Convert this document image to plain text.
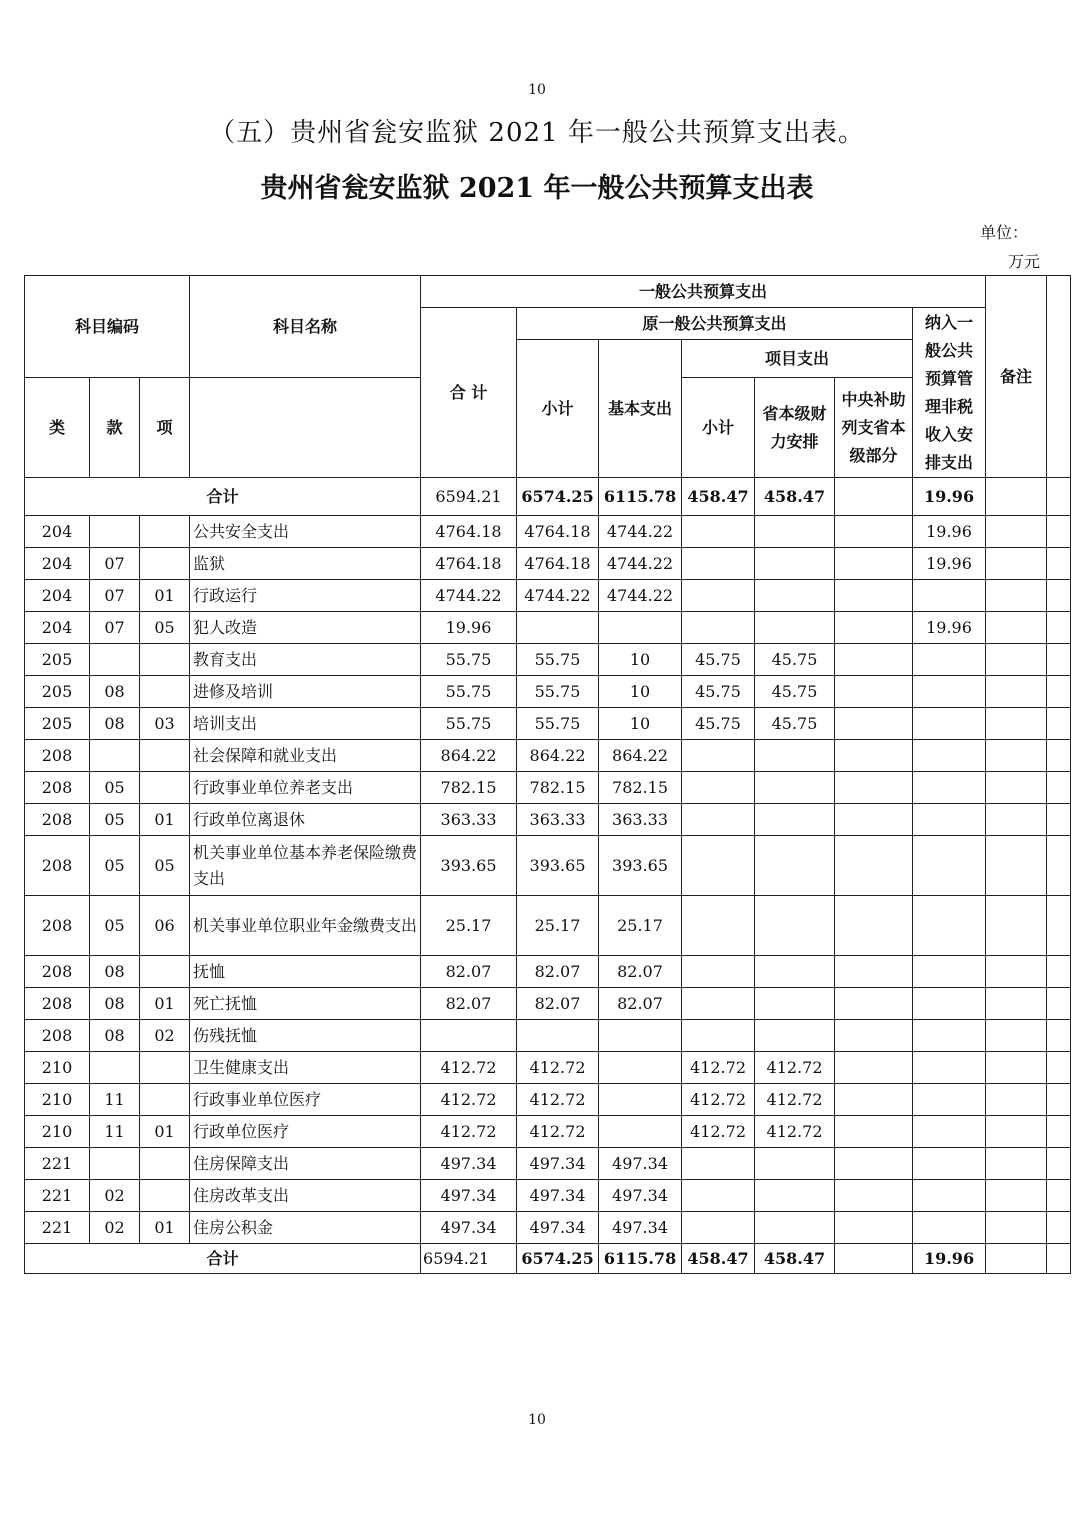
10
（五）贵州省瓮安监狱 2021 年一般公共预算支出表。
贵州省瓮安监狱 2021 年一般公共预算支出表
单位：
万元
科目编码			科目名称	一般公共预算支出							备注	
				合 计	原一般公共预算支出					纳入一般公共预算管理非税收入安排支出		

					小计	基本支出	项目支出					
类	款	项					小计	省本级财力安排	中央补助列支省本级部分			

合计				6594.21	6574.25	6115.78	458.47	458.47		19.96		
204			公共安全支出	4764.18	4764.18	4744.22				19.96		
204	07		监狱	4764.18	4764.18	4744.22				19.96		
204	07	01	行政运行	4744.22	4744.22	4744.22						
204	07	05	犯人改造	19.96						19.96		
205			教育支出	55.75	55.75	10	45.75	45.75				
205	08		进修及培训	55.75	55.75	10	45.75	45.75				
205	08	03	培训支出	55.75	55.75	10	45.75	45.75				
208			社会保障和就业支出	864.22	864.22	864.22						
208	05		行政事业单位养老支出	782.15	782.15	782.15						
208	05	01	行政单位离退休	363.33	363.33	363.33						
208	05	05	机关事业单位基本养老保险缴费支出	393.65	393.65	393.65						
208	05	06	机关事业单位职业年金缴费支出	25.17	25.17	25.17						
208	08		抚恤	82.07	82.07	82.07						
208	08	01	死亡抚恤	82.07	82.07	82.07						
208	08	02	伤残抚恤									
210			卫生健康支出	412.72	412.72		412.72	412.72				
210	11		行政事业单位医疗	412.72	412.72		412.72	412.72				
210	11	01	行政单位医疗	412.72	412.72		412.72	412.72				
221			住房保障支出	497.34	497.34	497.34						
221	02		住房改革支出	497.34	497.34	497.34						
221	02	01	住房公积金	497.34	497.34	497.34						
合计				6594.21	6574.25	6115.78	458.47	458.47		19.96		
10
